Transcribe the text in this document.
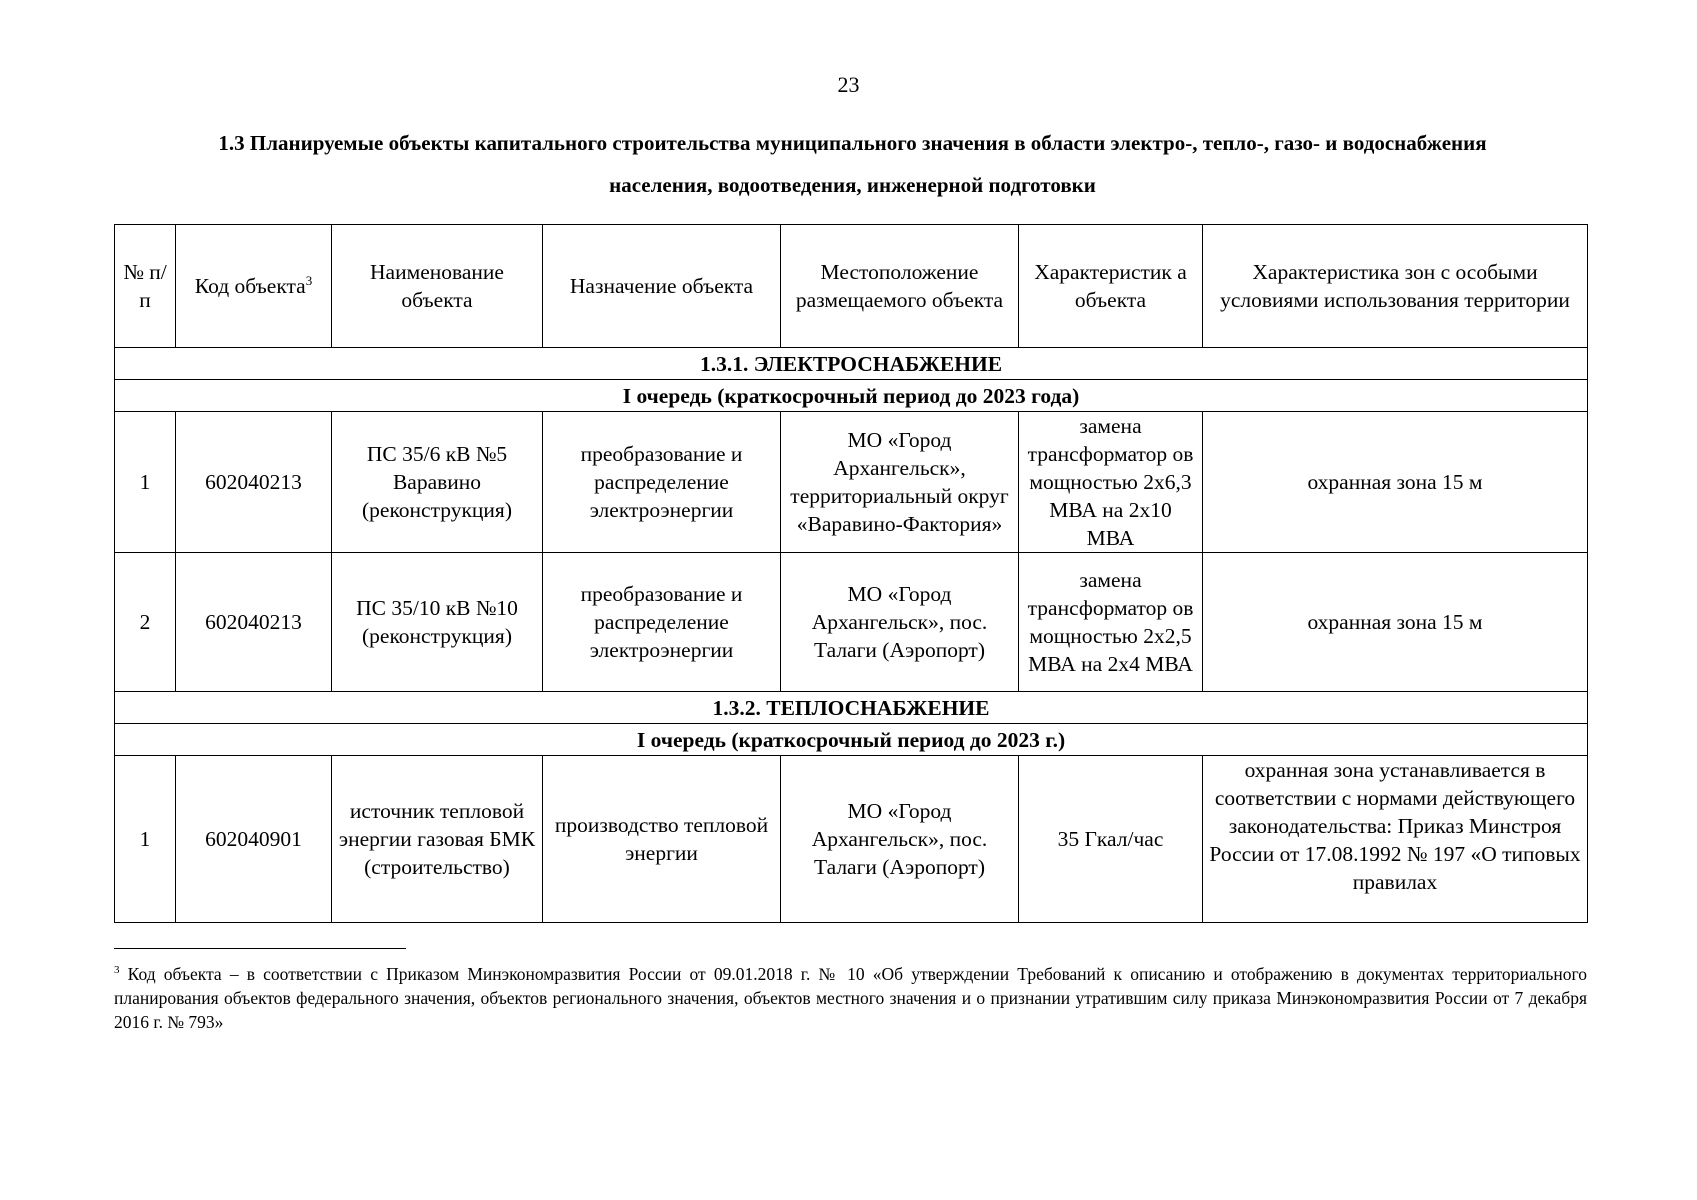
23
1.3 Планируемые объекты капитального строительства муниципального значения в области электро-, тепло-, газо- и водоснабжения населения, водоотведения, инженерной подготовки
№ п/п	Код объекта$^3$	Наименование объекта	Назначение объекта	Местоположение размещаемого объекта	Характеристик а объекта	Характеристика зон с особыми условиями использования территории
1.3.1. ЭЛЕКТРОСНАБЖЕНИЕ						
I очередь (краткосрочный период до 2023 года)						
1	602040213	ПС 35/6 кВ №5 Варавино (реконструкция)	преобразование и распределение электроэнергии	МО «Город Архангельск», территориальный округ «Варавино-Фактория»	замена трансформатор ов мощностью 2х6,3 МВА на 2х10 МВА	охранная зона 15 м
2	602040213	ПС 35/10 кВ №10 (реконструкция)	преобразование и распределение электроэнергии	МО «Город Архангельск», пос. Талаги (Аэропорт)	замена трансформатор ов мощностью 2х2,5 МВА на 2х4 МВА	охранная зона 15 м
1.3.2. ТЕПЛОСНАБЖЕНИЕ						
I очередь (краткосрочный период до 2023 г.)						
1	602040901	источник тепловой энергии газовая БМК (строительство)	производство тепловой энергии	МО «Город Архангельск», пос. Талаги (Аэропорт)	35 Гкал/час	охранная зона устанавливается в соответствии с нормами действующего законодательства: Приказ Минстроя России от 17.08.1992 № 197 «О типовых правилах
$^3$ Код объекта – в соответствии с Приказом Минэкономразвития России от 09.01.2018 г. № 10 «Об утверждении Требований к описанию и отображению в документах территориального планирования объектов федерального значения, объектов регионального значения, объектов местного значения и о признании утратившим силу приказа Минэкономразвития России от 7 декабря 2016 г. № 793»
